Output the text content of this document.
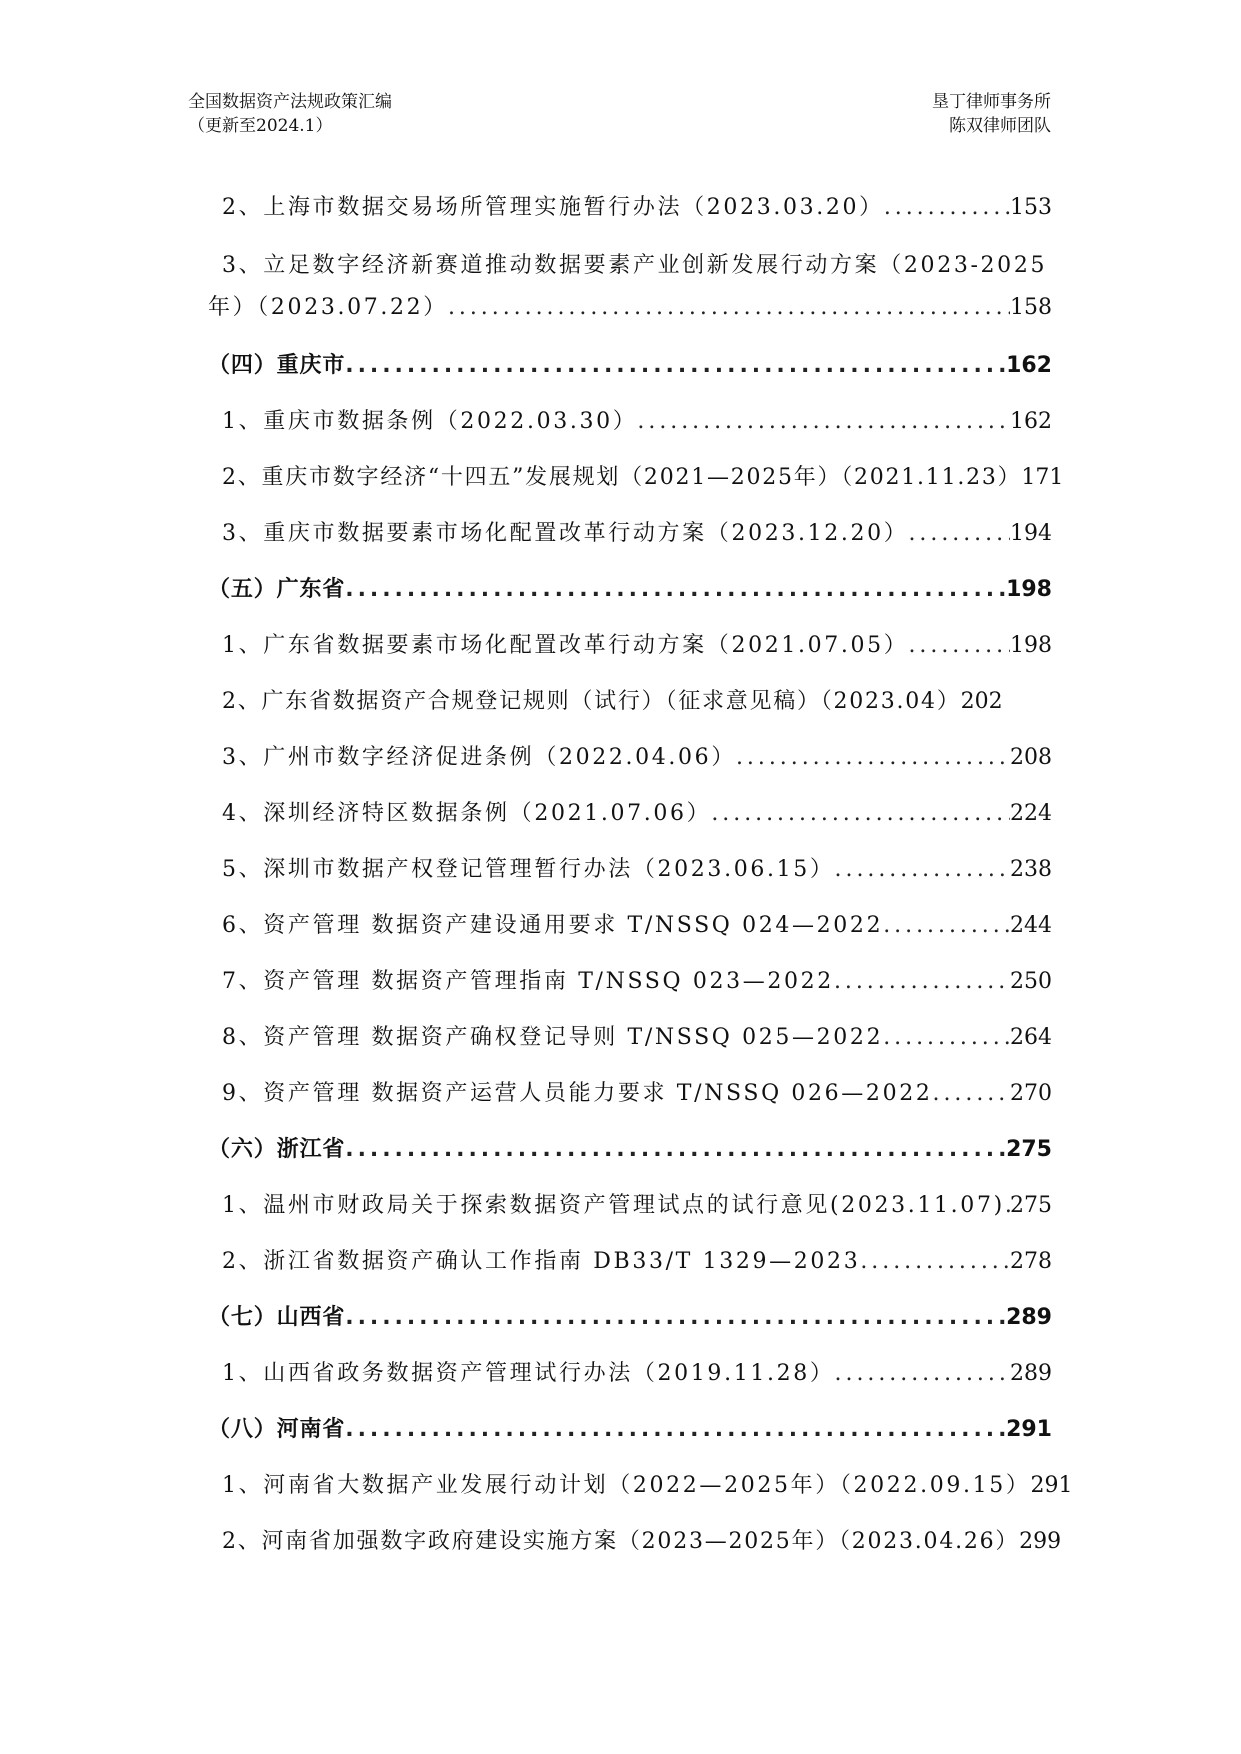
全国数据资产法规政策汇编
（更新至2024.1）
垦丁律师事务所
陈双律师团队
2、上海市数据交易场所管理实施暂行办法（2023.03.20） .....	153
3、立足数字经济新赛道推动数据要素产业创新发展行动方案（2023-2025
年）（2023.07.22） .....	158
（四）重庆市 .....	162
1、重庆市数据条例（2022.03.30） .....	162
2、重庆市数字经济“十四五”发展规划（2021—2025年）（2021.11.23） 171
3、重庆市数据要素市场化配置改革行动方案（2023.12.20） .....	194
（五）广东省 .....	198
1、广东省数据要素市场化配置改革行动方案（2021.07.05） .....	198
2、广东省数据资产合规登记规则（试行）（征求意见稿）（2023.04） 202
3、广州市数字经济促进条例（2022.04.06） .....	208
4、深圳经济特区数据条例（2021.07.06） .....	224
5、深圳市数据产权登记管理暂行办法（2023.06.15） .....	238
6、资产管理 数据资产建设通用要求 T/NSSQ 024—2022 .....	244
7、资产管理 数据资产管理指南 T/NSSQ 023—2022 .....	250
8、资产管理 数据资产确权登记导则 T/NSSQ 025—2022 .....	264
9、资产管理 数据资产运营人员能力要求 T/NSSQ 026—2022 .....	270
（六）浙江省 .....	275
1、温州市财政局关于探索数据资产管理试点的试行意见(2023.11.07) ..... 275
2、浙江省数据资产确认工作指南 DB33/T 1329—2023 .....	278
（七）山西省 .....	289
1、山西省政务数据资产管理试行办法（2019.11.28） .....	289
（八）河南省 .....	291
1、河南省大数据产业发展行动计划（2022—2025年）（2022.09.15） 291
2、河南省加强数字政府建设实施方案（2023—2025年）（2023.04.26） 299
